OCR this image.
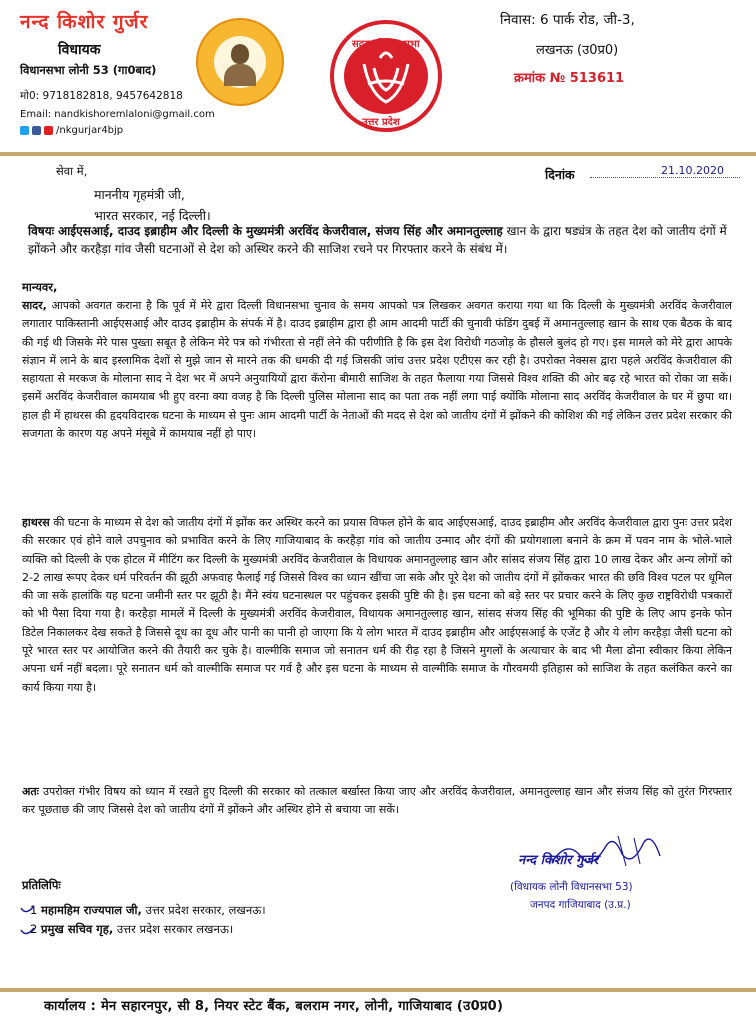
नन्द किशोर गुर्जर
विधायक
विधानसभा लोनी 53 (गा0बाद)
मो0: 9718182818, 9457642818
Email: nandkishoremlaloni@gmail.com
/nkgurjar4bjp
सदस्य विधान सभा
उत्तर प्रदेश
निवास: 6 पार्क रोड, जी-3,
लखनऊ (उ0प्र0)
क्रमांक № 513611
सेवा में,	दिनांक	21.10.2020
माननीय गृहमंत्री जी,
भारत सरकार, नई दिल्ली।
विषयः आईएसआई, दाउद इब्राहीम और दिल्ली के मुख्यमंत्री अरविंद केजरीवाल, संजय सिंह और अमानतुल्लाह खान के द्वारा षड्यंत्र के तहत देश को जातीय दंगों में झोंकने और करहैड़ा गांव जैसी घटनाओं से देश को अस्थिर करने की साजिश रचने पर गिरफ्तार करने के संबंध में।
मान्यवर,
सादर, आपको अवगत कराना है कि पूर्व में मेरे द्वारा दिल्ली विधानसभा चुनाव के समय आपको पत्र लिखकर अवगत कराया गया था कि दिल्ली के मुख्यमंत्री अरविंद केजरीवाल लगातार पाकिस्तानी आईएसआई और दाउद इब्राहीम के संपर्क में है। दाउद इब्राहीम द्वारा ही आम आदमी पार्टी की चुनावी फंडिंग दुबई में अमानतुल्लाह खान के साथ एक बैठक के बाद की गई थी जिसके मेरे पास पुख्ता सबूत है लेकिन मेरे पत्र को गंभीरता से नहीं लेने की परीणीति है कि इस देश विरोधी गठजोड़ के हौसले बुलंद हो गए। इस मामले को मेरे द्वारा आपके संज्ञान में लाने के बाद इस्लामिक देशों से मुझे जान से मारने तक की धमकी दी गई जिसकी जांच उत्तर प्रदेश एटीएस कर रही है। उपरोक्त नेक्सस द्वारा पहले अरविंद केजरीवाल की सहायता से मरकज के मोलाना साद ने देश भर में अपने अनुयायियों द्वारा कॅरोना बीमारी साजिश के तहत फैलाया गया जिससे विश्व शक्ति की ओर बढ़ रहे भारत को रोका जा सकें। इसमें अरविंद केजरीवाल कामयाब भी हुए वरना क्या वजह है कि दिल्ली पुलिस मोलाना साद का पता तक नहीं लगा पाई क्योंकि मोलाना साद अरविंद केजरीवाल के घर में छुपा था। हाल ही में हाथरस की हृदयविदारक घटना के माध्यम से पुनः आम आदमी पार्टी के नेताओं की मदद से देश को जातीय दंगों में झोंकने की कोशिश की गई लेकिन उत्तर प्रदेश सरकार की सजगता के कारण यह अपने मंसूबे में कामयाब नहीं हो पाए।
हाथरस की घटना के माध्यम से देश को जातीय दंगों में झोंक कर अस्थिर करने का प्रयास विफल होने के बाद आईएसआई, दाउद इब्राहीम और अरविंद केजरीवाल द्वारा पुनः उत्तर प्रदेश की सरकार एवं होने वाले उपचुनाव को प्रभावित करने के लिए गाजियाबाद के करहैड़ा गांव को जातीय उन्माद और दंगों की प्रयोगशाला बनाने के क्रम में पवन नाम के भोले-भाले व्यक्ति को दिल्ली के एक होटल में मीटिंग कर दिल्ली के मुख्यमंत्री अरविंद केजरीवाल के विधायक अमानतुल्लाह खान और सांसद संजय सिंह द्वारा 10 लाख देकर और अन्य लोगों को 2-2 लाख रूपए देकर धर्म परिवर्तन की झूठी अफवाह फैलाई गई जिससे विश्व का ध्यान खींचा जा सके और पूरे देश को जातीय दंगों में झोंककर भारत की छवि विश्व पटल पर धूमिल की जा सकें हालांकि यह घटना जमीनी स्तर पर झूठी है। मैंने स्वंय घटनास्थल पर पहुंचकर इसकी पुष्टि की है। इस घटना को बड़े स्तर पर प्रचार करने के लिए कुछ राष्ट्रविरोधी पत्रकारों को भी पैसा दिया गया है। करहैड़ा मामलें में दिल्ली के मुख्यमंत्री अरविंद केजरीवाल, विधायक अमानतुल्लाह खान, सांसद संजय सिंह की भूमिका की पुष्टि के लिए आप इनके फोन डिटेल निकालकर देख सकते है जिससे दूध का दूध और पानी का पानी हो जाएगा कि ये लोग भारत में दाउद इब्राहीम और आईएसआई के एजेंट है और ये लोग करहैड़ा जैसी घटना को पूरे भारत स्तर पर आयोजित करने की तैयारी कर चुके है। वाल्मीकि समाज जो सनातन धर्म की रीढ़ रहा है जिसने मुगलों के अत्याचार के बाद भी मैला ढोना स्वीकार किया लेकिन अपना धर्म नहीं बदला। पूरे सनातन धर्म को वाल्मीकि समाज पर गर्व है और इस घटना के माध्यम से वाल्मीकि समाज के गौरवमयी इतिहास को साजिश के तहत कलंकित करने का कार्य किया गया है।
अतः उपरोक्त गंभीर विषय को ध्यान में रखते हुए दिल्ली की सरकार को तत्काल बर्खास्त किया जाए और अरविंद केजरीवाल, अमानतुल्लाह खान और संजय सिंह को तुरंत गिरफ्तार कर पूछताछ की जाए जिससे देश को जातीय दंगों में झोंकने और अस्थिर होने से बचाया जा सकें।
नन्द किशोर गुर्जर
(विधायक लोनी विधानसभा 53)
जनपद गाजियाबाद (उ.प्र.)
प्रतिलिपिः
1 महामहिम राज्यपाल जी, उत्तर प्रदेश सरकार, लखनऊ।
2 प्रमुख सचिव गृह, उत्तर प्रदेश सरकार लखनऊ।
कार्यालय : मेन सहारनपुर, सी 8, नियर स्टेट बैंक, बलराम नगर, लोनी, गाजियाबाद (उ0प्र0)
